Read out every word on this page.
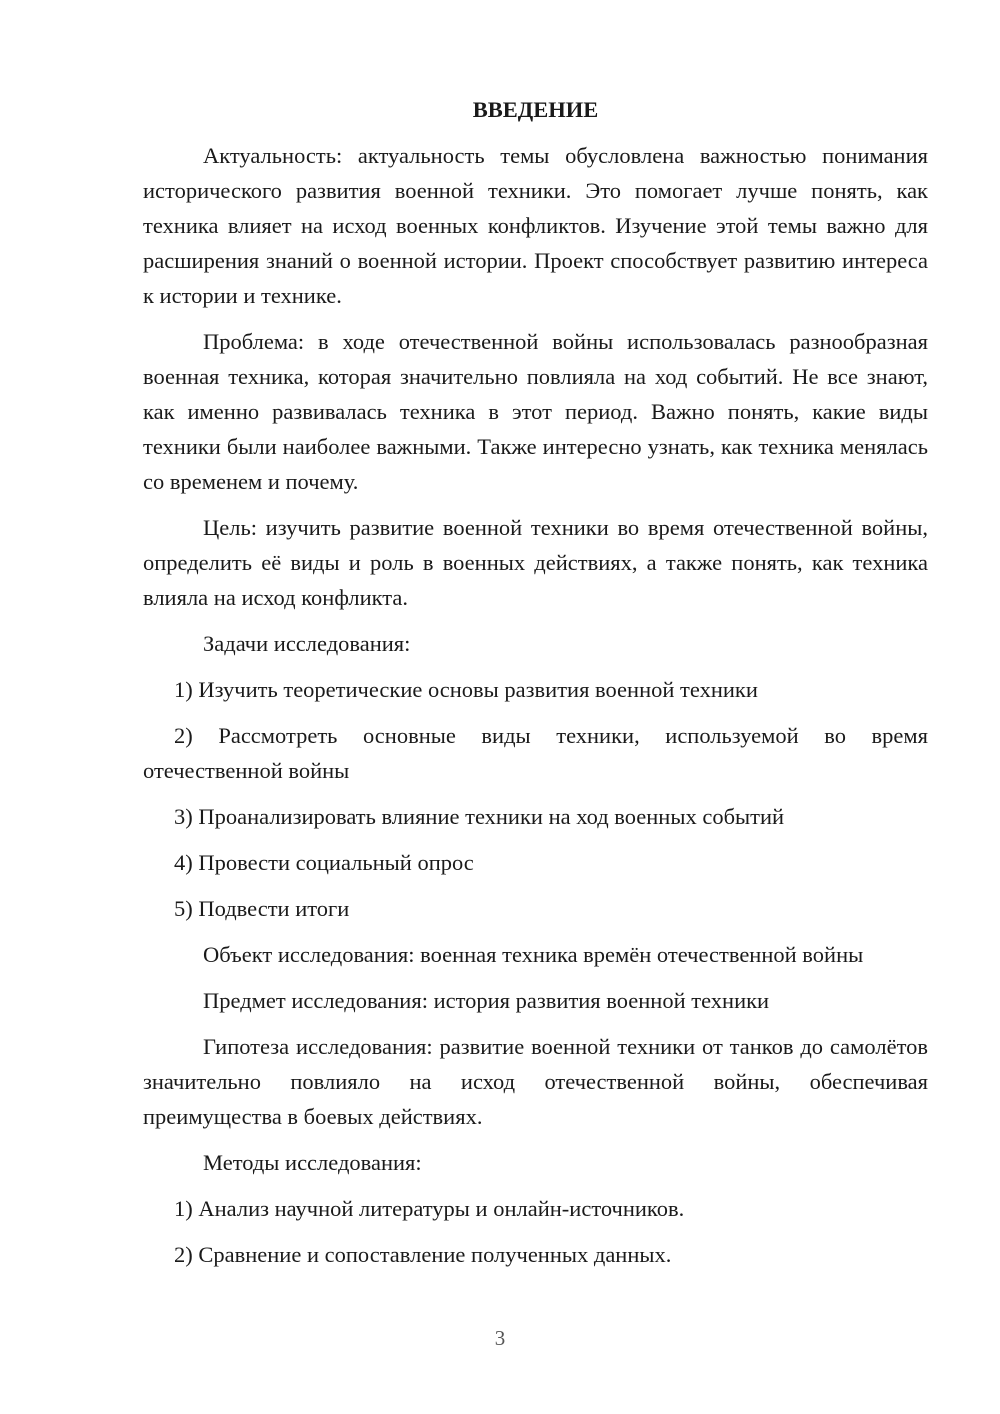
ВВЕДЕНИЕ

Актуальность: актуальность темы обусловлена важностью понимания исторического развития военной техники. Это помогает лучше понять, как техника влияет на исход военных конфликтов. Изучение этой темы важно для расширения знаний о военной истории. Проект способствует развитию интереса к истории и технике.

Проблема: в ходе отечественной войны использовалась разнообразная военная техника, которая значительно повлияла на ход событий. Не все знают, как именно развивалась техника в этот период. Важно понять, какие виды техники были наиболее важными. Также интересно узнать, как техника менялась со временем и почему.

Цель: изучить развитие военной техники во время отечественной войны, определить её виды и роль в военных действиях, а также понять, как техника влияла на исход конфликта.

Задачи исследования:

1) Изучить теоретические основы развития военной техники

2) Рассмотреть основные виды техники, используемой во время отечественной войны

3) Проанализировать влияние техники на ход военных событий

4) Провести социальный опрос

5) Подвести итоги

Объект исследования: военная техника времён отечественной войны

Предмет исследования: история развития военной техники

Гипотеза исследования: развитие военной техники от танков до самолётов значительно повлияло на исход отечественной войны, обеспечивая преимущества в боевых действиях.

Методы исследования:

1) Анализ научной литературы и онлайн-источников.

2) Сравнение и сопоставление полученных данных.

3
